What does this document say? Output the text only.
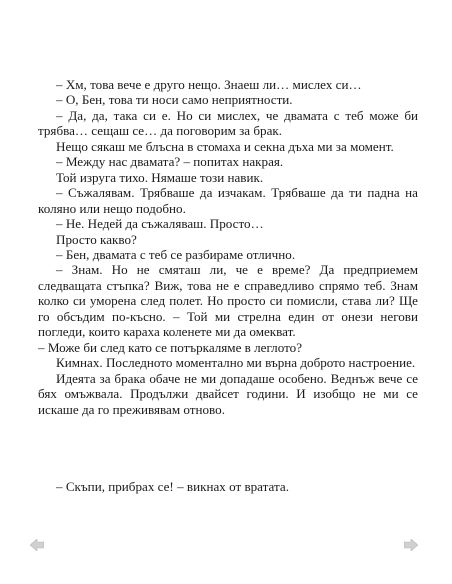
– Хм, това вече е друго нещо. Знаеш ли… мислех си…

– О, Бен, това ти носи само неприятности.

– Да, да, така си е. Но си мислех, че двамата с теб може би трябва… сещаш се… да поговорим за брак.

Нещо сякаш ме блъсна в стомаха и секна дъха ми за момент.

– Между нас двамата? – попитах накрая.

Той изруга тихо. Нямаше този навик.

– Съжалявам. Трябваше да изчакам. Трябваше да ти падна на коляно или нещо подобно.

– Не. Недей да съжаляваш. Просто…

Просто какво?

– Бен, двамата с теб се разбираме отлично.

– Знам. Но не смяташ ли, че е време? Да предприемем следващата стъпка? Виж, това не е справедливо спрямо теб. Знам колко си уморена след полет. Но просто си помисли, става ли? Ще го обсъдим по-късно. – Той ми стрелна един от онези негови погледи, които караха коленете ми да омекват.

– Може би след като се потъркаляме в леглото?

Кимнах. Последното моментално ми върна доброто настроение.

Идеята за брака обаче не ми допадаше особено. Веднъж вече се бях омъжвала. Продължи двайсет години. И изобщо не ми се искаше да го преживявам отново.

– Скъпи, прибрах се! – викнах от вратата.
